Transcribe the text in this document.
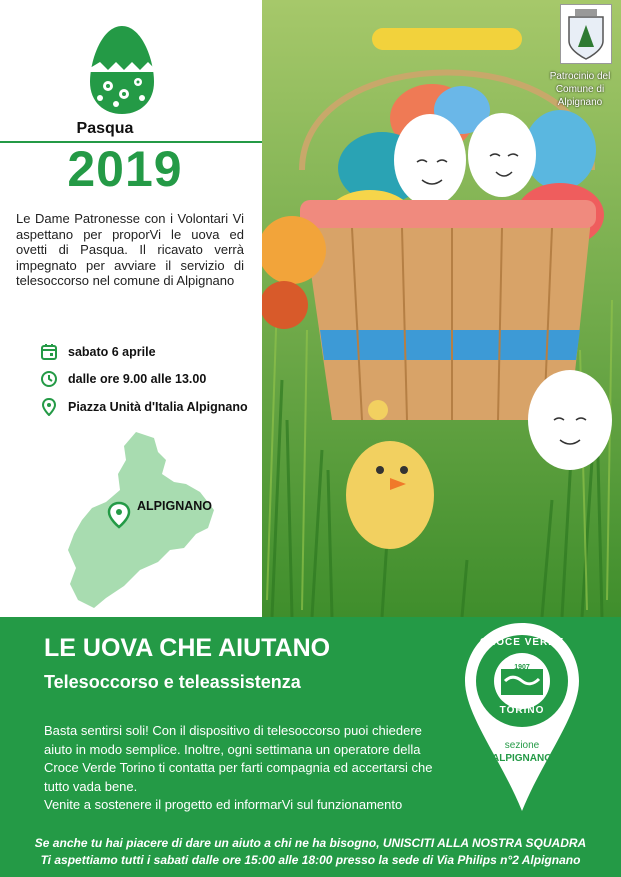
Pasqua
2019
Le Dame Patronesse con i Volontari Vi aspettano per proporVi le uova ed ovetti di Pasqua. Il ricavato verrà impegnato per avviare il servizio di telesoccorso nel comune di Alpignano
sabato 6 aprile
dalle ore 9.00 alle 13.00
Piazza Unità d'Italia Alpignano
ALPIGNANO
Patrocinio del Comune di Alpignano
LE UOVA CHE AIUTANO
Telesoccorso e teleassistenza

Basta sentirsi soli! Con il dispositivo di telesoccorso puoi chiedere aiuto in modo semplice. Inoltre, ogni settimana un operatore della Croce Verde Torino ti contatta per farti compagnia ed accertarsi che tutto vada bene.

Venite a sostenere il progetto ed informarVi sul funzionamento

CROCE VERDE
1907
TORINO
sezione
ALPIGNANO
Se anche tu hai piacere di dare un aiuto a chi ne ha bisogno, UNISCITI ALLA NOSTRA SQUADRA
Ti aspettiamo tutti i sabati dalle ore 15:00 alle 18:00 presso la sede di Via Philips n°2 Alpignano
